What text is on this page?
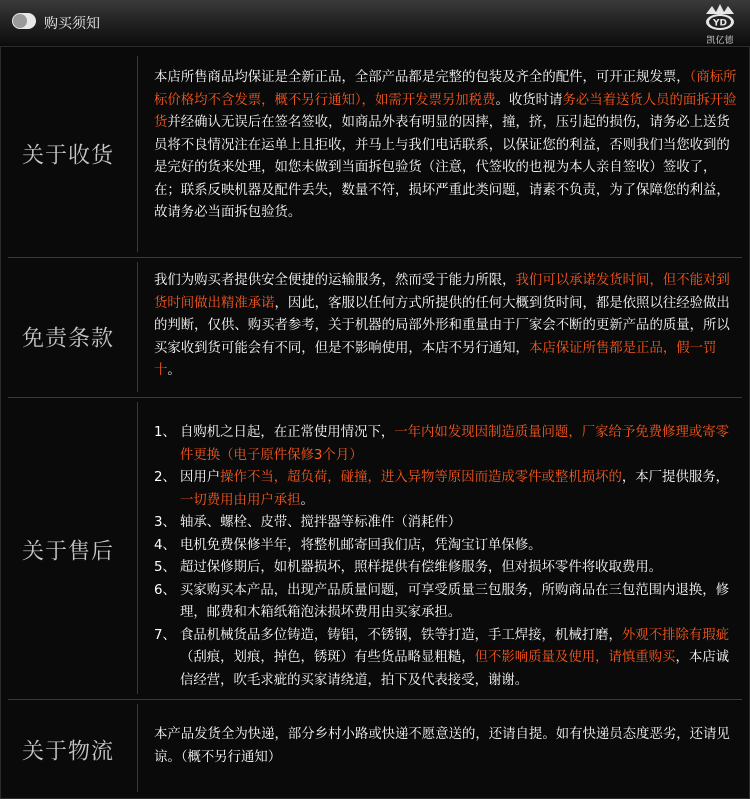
购买须知	YD
凯亿德
关于收货

本店所售商品均保证是全新正品，全部产品都是完整的包装及齐全的配件，可开正规发票，（商标所标价格均不含发票，概不另行通知），如需开发票另加税费。收货时请务必当着送货人员的面拆开验货并经确认无误后在签名签收，如商品外表有明显的因摔，撞，挤，压引起的损伤，请务必上送货员将不良情况注在运单上且拒收，并马上与我们电话联系，以保证您的利益，否则我们当您收到的是完好的货来处理，如您未做到当面拆包验货（注意，代签收的也视为本人亲自签收）签收了，在；联系反映机器及配件丢失，数量不符，损坏严重此类问题，请素不负责，为了保障您的利益，故请务必当面拆包验货。

免责条款

我们为购买者提供安全便捷的运输服务，然而受于能力所限，我们可以承诺发货时间，但不能对到货时间做出精准承诺，因此，客服以任何方式所提供的任何大概到货时间，都是依照以往经验做出的判断，仅供、购买者参考，关于机器的局部外形和重量由于厂家会不断的更新产品的质量，所以买家收到货可能会有不同，但是不影响使用，本店不另行通知，本店保证所售都是正品，假一罚十。

关于售后
1、 自购机之日起，在正常使用情况下，一年内如发现因制造质量问题，厂家给予免费修理或寄零件更换（电子原件保修3个月）
2、 因用户操作不当，超负荷，碰撞，进入异物等原因而造成零件或整机损坏的，本厂提供服务，一切费用由用户承担。
3、 轴承、螺栓、皮带、搅拌器等标准件（消耗件）
4、 电机免费保修半年，将整机邮寄回我们店，凭淘宝订单保修。
5、 超过保修期后，如机器损坏，照样提供有偿维修服务，但对损坏零件将收取费用。
6、 买家购买本产品，出现产品质量问题，可享受质量三包服务，所购商品在三包范围内退换，修理，邮费和木箱纸箱泡沫损坏费用由买家承担。
7、 食品机械货品多位铸造，铸铝，不锈钢，铁等打造，手工焊接，机械打磨，外观不排除有瑕疵（刮痕，划痕，掉色，锈斑）有些货品略显粗糙，但不影响质量及使用，请慎重购买，本店诚信经营，吹毛求疵的买家请绕道，拍下及代表接受，谢谢。
关于物流

本产品发货全为快递，部分乡村小路或快递不愿意送的，还请自提。如有快递员态度恶劣，还请见谅。（概不另行通知）
